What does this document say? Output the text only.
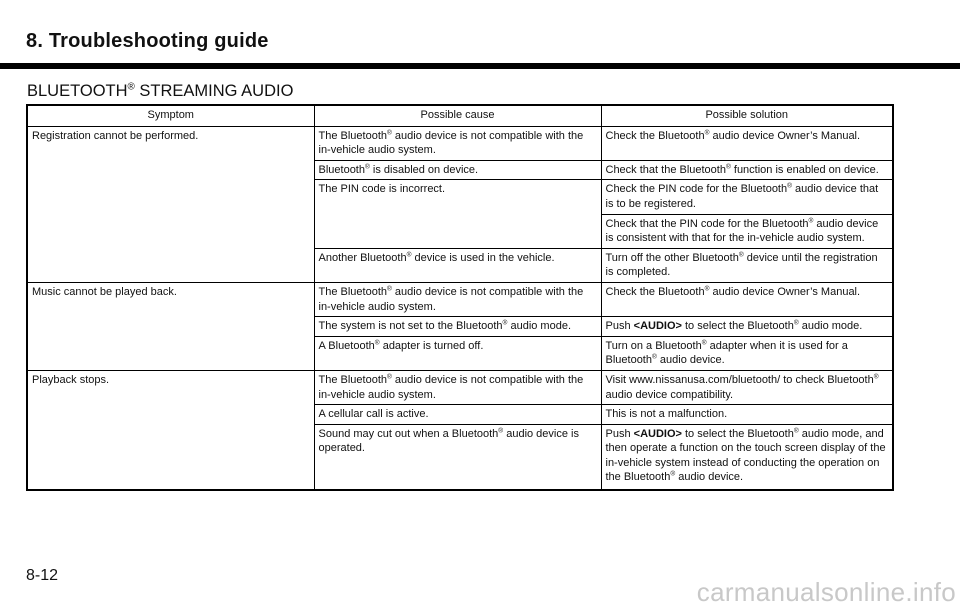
8. Troubleshooting guide
BLUETOOTH® STREAMING AUDIO
Symptom	Possible cause	Possible solution
Registration cannot be performed.	The Bluetooth® audio device is not compatible with the in-vehicle audio system.	Check the Bluetooth® audio device Owner’s Manual.
	Bluetooth® is disabled on device.	Check that the Bluetooth® function is enabled on device.
	The PIN code is incorrect.	Check the PIN code for the Bluetooth® audio device that is to be registered.
		Check that the PIN code for the Bluetooth® audio device is consistent with that for the in-vehicle audio system.
	Another Bluetooth® device is used in the vehicle.	Turn off the other Bluetooth® device until the registration is completed.
Music cannot be played back.	The Bluetooth® audio device is not compatible with the in-vehicle audio system.	Check the Bluetooth® audio device Owner’s Manual.
	The system is not set to the Bluetooth® audio mode.	Push <AUDIO> to select the Bluetooth® audio mode.
	A Bluetooth® adapter is turned off.	Turn on a Bluetooth® adapter when it is used for a Bluetooth® audio device.
Playback stops.	The Bluetooth® audio device is not compatible with the in-vehicle audio system.	Visit www.nissanusa.com/bluetooth/ to check Bluetooth® audio device compatibility.
	A cellular call is active.	This is not a malfunction.
	Sound may cut out when a Bluetooth® audio device is operated.	Push <AUDIO> to select the Bluetooth® audio mode, and then operate a function on the touch screen display of the in-vehicle system instead of conducting the operation on the Bluetooth® audio device.
8-12
carmanualsonline.info
